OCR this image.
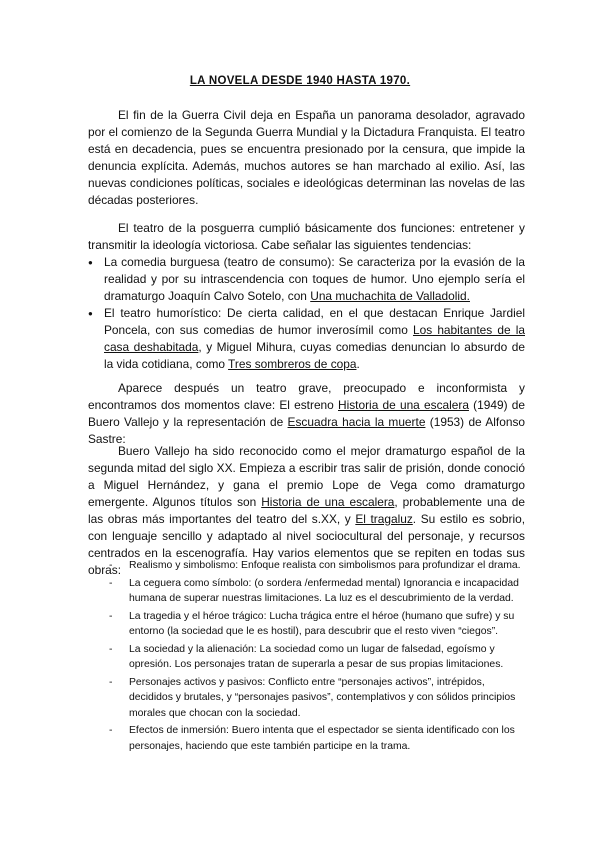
LA NOVELA DESDE 1940 HASTA 1970.
El fin de la Guerra Civil deja en España un panorama desolador, agravado por el comienzo de la Segunda Guerra Mundial y la Dictadura Franquista. El teatro está en decadencia, pues se encuentra presionado por la censura, que impide la denuncia explícita. Además, muchos autores se han marchado al exilio. Así, las nuevas condiciones políticas, sociales e ideológicas determinan las novelas de las décadas posteriores.
El teatro de la posguerra cumplió básicamente dos funciones: entretener y transmitir la ideología victoriosa. Cabe señalar las siguientes tendencias:
● La comedia burguesa (teatro de consumo): Se caracteriza por la evasión de la realidad y por su intrascendencia con toques de humor. Uno ejemplo sería el dramaturgo Joaquín Calvo Sotelo, con Una muchachita de Valladolid.
● El teatro humorístico: De cierta calidad, en el que destacan Enrique Jardiel Poncela, con sus comedias de humor inverosímil como Los habitantes de la casa deshabitada, y Miguel Mihura, cuyas comedias denuncian lo absurdo de la vida cotidiana, como Tres sombreros de copa.
Aparece después un teatro grave, preocupado e inconformista y encontramos dos momentos clave: El estreno Historia de una escalera (1949) de Buero Vallejo y la representación de Escuadra hacia la muerte (1953) de Alfonso Sastre:
Buero Vallejo ha sido reconocido como el mejor dramaturgo español de la segunda mitad del siglo XX. Empieza a escribir tras salir de prisión, donde conoció a Miguel Hernández, y gana el premio Lope de Vega como dramaturgo emergente. Algunos títulos son Historia de una escalera, probablemente una de las obras más importantes del teatro del s.XX, y El tragaluz. Su estilo es sobrio, con lenguaje sencillo y adaptado al nivel sociocultural del personaje, y recursos centrados en la escenografía. Hay varios elementos que se repiten en todas sus obras:
- Realismo y simbolismo: Enfoque realista con simbolismos para profundizar el drama.
- La ceguera como símbolo: (o sordera /enfermedad mental) Ignorancia e incapacidad humana de superar nuestras limitaciones. La luz es el descubrimiento de la verdad.
- La tragedia y el héroe trágico: Lucha trágica entre el héroe (humano que sufre) y su entorno (la sociedad que le es hostil), para descubrir que el resto viven “ciegos”.
- La sociedad y la alienación: La sociedad como un lugar de falsedad, egoísmo y opresión. Los personajes tratan de superarla a pesar de sus propias limitaciones.
- Personajes activos y pasivos: Conflicto entre “personajes activos”, intrépidos, decididos y brutales, y “personajes pasivos”, contemplativos y con sólidos principios morales que chocan con la sociedad.
- Efectos de inmersión: Buero intenta que el espectador se sienta identificado con los personajes, haciendo que este también participe en la trama.
